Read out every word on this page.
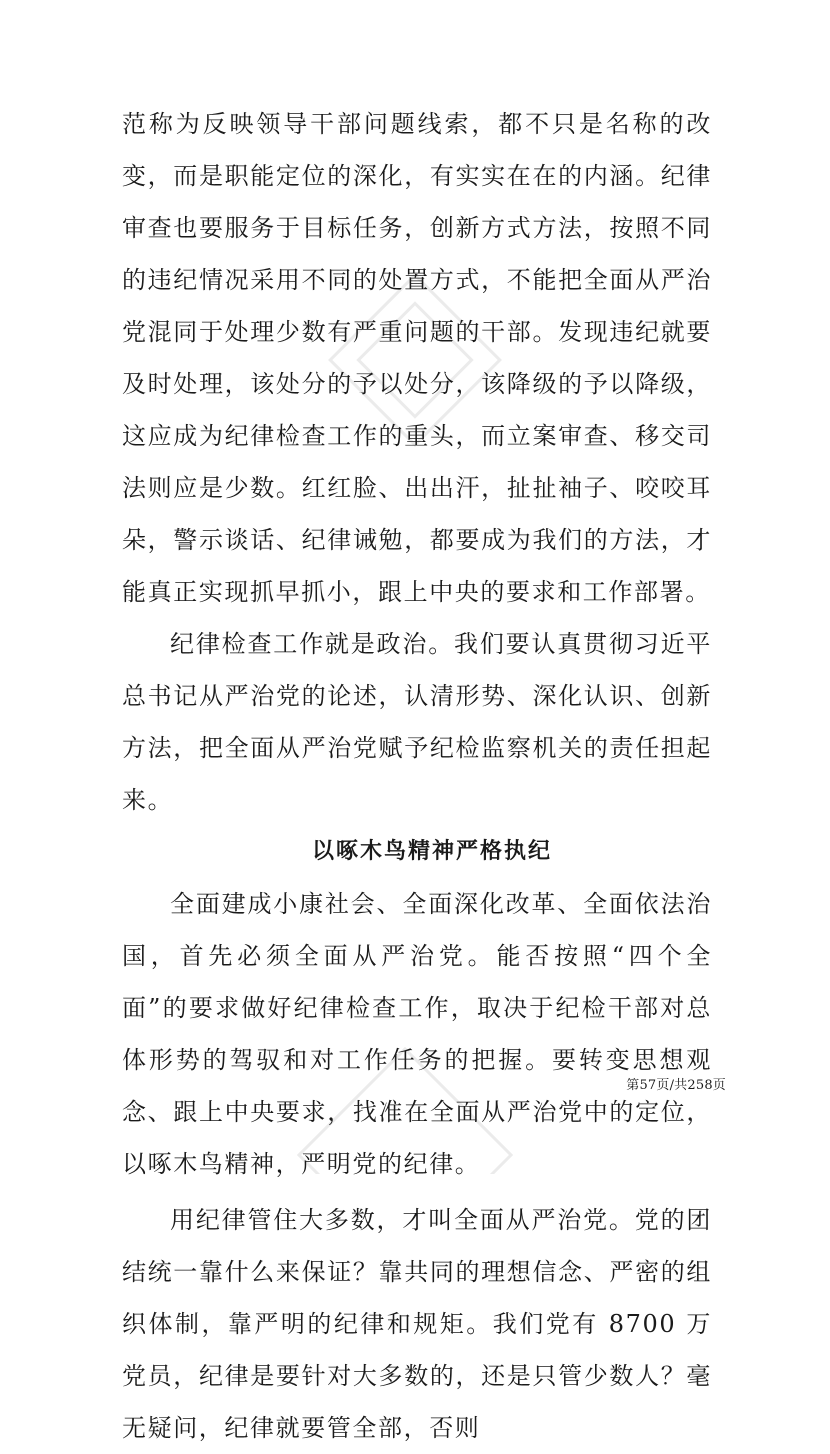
范称为反映领导干部问题线索，都不只是名称的改变，而是职能定位的深化，有实实在在的内涵。纪律审查也要服务于目标任务，创新方式方法，按照不同的违纪情况采用不同的处置方式，不能把全面从严治党混同于处理少数有严重问题的干部。发现违纪就要及时处理，该处分的予以处分，该降级的予以降级，这应成为纪律检查工作的重头，而立案审查、移交司法则应是少数。红红脸、出出汗，扯扯袖子、咬咬耳朵，警示谈话、纪律诫勉，都要成为我们的方法，才能真正实现抓早抓小，跟上中央的要求和工作部署。

纪律检查工作就是政治。我们要认真贯彻习近平总书记从严治党的论述，认清形势、深化认识、创新方法，把全面从严治党赋予纪检监察机关的责任担起来。

以啄木鸟精神严格执纪

全面建成小康社会、全面深化改革、全面依法治国，首先必须全面从严治党。能否按照“四个全面”的要求做好纪律检查工作，取决于纪检干部对总体形势的驾驭和对工作任务的把握。要转变思想观念、跟上中央要求，找准在全面从严治党中的定位，以啄木鸟精神，严明党的纪律。

用纪律管住大多数，才叫全面从严治党。党的团结统一靠什么来保证？靠共同的理想信念、严密的组织体制，靠严明的纪律和规矩。我们党有 8700 万党员，纪律是要针对大多数的，还是只管少数人？毫无疑问，纪律就要管全部，否则

第57页/共258页
